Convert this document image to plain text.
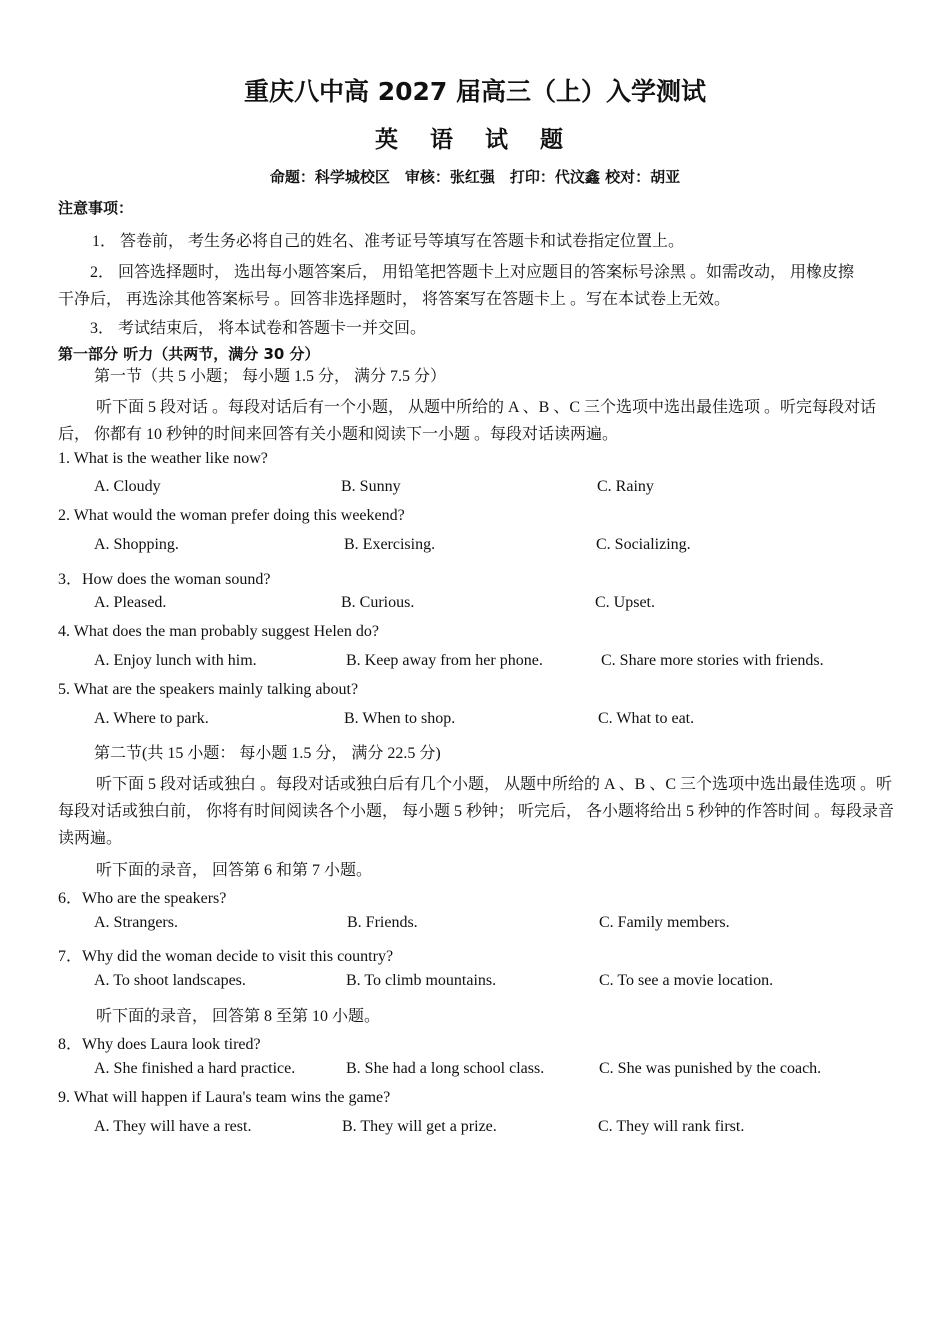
重庆八中高 2027 届高三（上）入学测试
英 语 试 题
命题：科学城校区　审核：张红强　打印：代汶鑫 校对：胡亚
注意事项：
1． 答卷前， 考生务必将自己的姓名、准考证号等填写在答题卡和试卷指定位置上。
2． 回答选择题时， 选出每小题答案后， 用铅笔把答题卡上对应题目的答案标号涂黑 。如需改动， 用橡皮擦
干净后， 再选涂其他答案标号 。回答非选择题时， 将答案写在答题卡上 。写在本试卷上无效。
3． 考试结束后， 将本试卷和答题卡一并交回。
第一部分 听力（共两节，满分 30 分）
第一节（共 5 小题； 每小题 1.5 分， 满分 7.5 分）
听下面 5 段对话 。每段对话后有一个小题， 从题中所给的 A 、B 、C 三个选项中选出最佳选项 。听完每段对话后， 你都有 10 秒钟的时间来回答有关小题和阅读下一小题 。每段对话读两遍。
1. What is the weather like now?
A. Cloudy	B. Sunny	C. Rainy
2. What would the woman prefer doing this weekend?
A. Shopping.	B. Exercising.	C. Socializing.
3．How does the woman sound?
A. Pleased.	B. Curious.	C. Upset.
4. What does the man probably suggest Helen do?
A. Enjoy lunch with him.	B. Keep away from her phone.	C. Share more stories with friends.
5. What are the speakers mainly talking about?
A. Where to park.	B. When to shop.	C. What to eat.
第二节(共 15 小题： 每小题 1.5 分， 满分 22.5 分)
听下面 5 段对话或独白 。每段对话或独白后有几个小题， 从题中所给的 A 、B 、C 三个选项中选出最佳选项 。听每段对话或独白前， 你将有时间阅读各个小题， 每小题 5 秒钟； 听完后， 各小题将给出 5 秒钟的作答时间 。每段录音读两遍。
听下面的录音， 回答第 6 和第 7 小题。
6．Who are the speakers?
A. Strangers.	B. Friends.	C. Family members.
7．Why did the woman decide to visit this country?
A. To shoot landscapes.	B. To climb mountains.	C. To see a movie location.
听下面的录音， 回答第 8 至第 10 小题。
8．Why does Laura look tired?
A. She finished a hard practice.	B. She had a long school class.	C. She was punished by the coach.
9. What will happen if Laura's team wins the game?
A. They will have a rest.	B. They will get a prize.	C. They will rank first.
